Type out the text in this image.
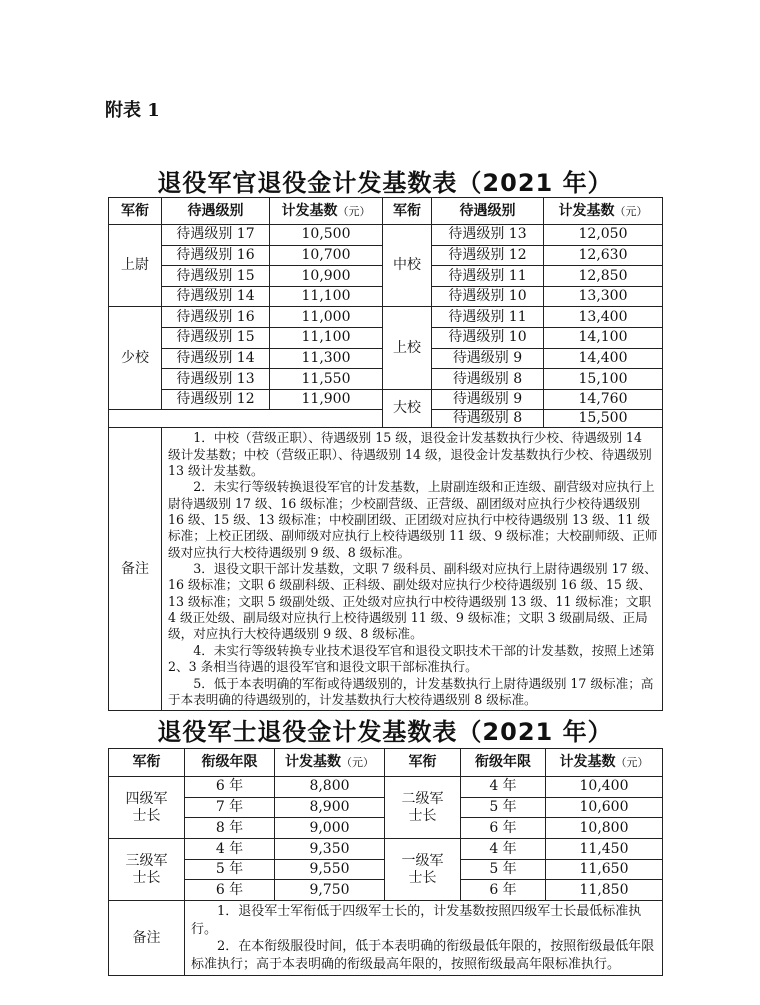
附表 1
退役军官退役金计发基数表（2021 年）
军衔	待遇级别	计发基数（元）	军衔	待遇级别	计发基数（元）
上尉	待遇级别 17	10,500	中校	待遇级别 13	12,050
	待遇级别 16	10,700		待遇级别 12	12,630
	待遇级别 15	10,900		待遇级别 11	12,850
	待遇级别 14	11,100		待遇级别 10	13,300
少校	待遇级别 16	11,000	上校	待遇级别 11	13,400
	待遇级别 15	11,100		待遇级别 10	14,100
	待遇级别 14	11,300		待遇级别 9	14,400
	待遇级别 13	11,550		待遇级别 8	15,100
	待遇级别 12	11,900	大校	待遇级别 9	14,760
				待遇级别 8	15,500
备注	1．中校（营级正职）、待遇级别 15 级，退役金计发基数执行少校、待遇级别 14 级计发基数；中校（营级正职）、待遇级别 14 级，退役金计发基数执行少校、待遇级别 13 级计发基数。

2．未实行等级转换退役军官的计发基数，上尉副连级和正连级、副营级对应执行上尉待遇级别 17 级、16 级标准；少校副营级、正营级、副团级对应执行少校待遇级别 16 级、15 级、13 级标准；中校副团级、正团级对应执行中校待遇级别 13 级、11 级标准；上校正团级、副师级对应执行上校待遇级别 11 级、9 级标准；大校副师级、正师级对应执行大校待遇级别 9 级、8 级标准。

3．退役文职干部计发基数，文职 7 级科员、副科级对应执行上尉待遇级别 17 级、16 级标准；文职 6 级副科级、正科级、副处级对应执行少校待遇级别 16 级、15 级、13 级标准；文职 5 级副处级、正处级对应执行中校待遇级别 13 级、11 级标准；文职 4 级正处级、副局级对应执行上校待遇级别 11 级、9 级标准；文职 3 级副局级、正局级，对应执行大校待遇级别 9 级、8 级标准。

4．未实行等级转换专业技术退役军官和退役文职技术干部的计发基数，按照上述第 2、3 条相当待遇的退役军官和退役文职干部标准执行。

5．低于本表明确的军衔或待遇级别的，计发基数执行上尉待遇级别 17 级标准；高于本表明确的待遇级别的，计发基数执行大校待遇级别 8 级标准。				

退役军士退役金计发基数表（2021 年）
军衔	衔级年限	计发基数（元）	军衔	衔级年限	计发基数（元）
四级军士长	6 年	8,800	二级军士长	4 年	10,400
	7 年	8,900		5 年	10,600
	8 年	9,000		6 年	10,800
三级军士长	4 年	9,350	一级军士长	4 年	11,450
	5 年	9,550		5 年	11,650
	6 年	9,750		6 年	11,850
备注	1．退役军士军衔低于四级军士长的，计发基数按照四级军士长最低标准执行。

2．在本衔级服役时间，低于本表明确的衔级最低年限的，按照衔级最低年限标准执行；高于本表明确的衔级最高年限的，按照衔级最高年限标准执行。				
